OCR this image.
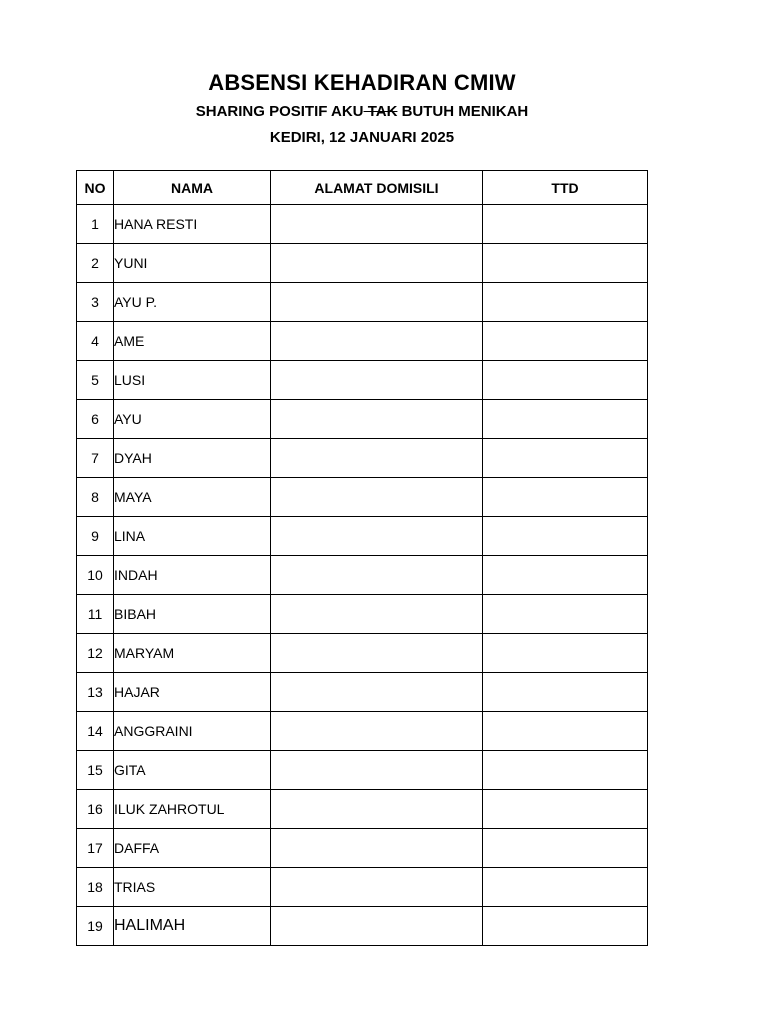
ABSENSI KEHADIRAN CMIW
SHARING POSITIF AKU TAK BUTUH MENIKAH
KEDIRI, 12 JANUARI 2025
NO	NAMA	ALAMAT DOMISILI	TTD
1	HANA RESTI		
2	YUNI		
3	AYU P.		
4	AME		
5	LUSI		
6	AYU		
7	DYAH		
8	MAYA		
9	LINA		
10	INDAH		
11	BIBAH		
12	MARYAM		
13	HAJAR		
14	ANGGRAINI		
15	GITA		
16	ILUK ZAHROTUL		
17	DAFFA		
18	TRIAS		
19	HALIMAH		
